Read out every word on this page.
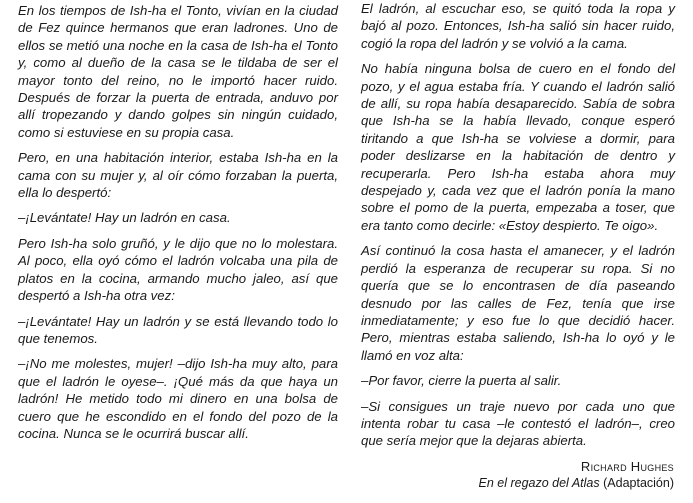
En los tiempos de Ish-ha el Tonto, vivían en la ciudad de Fez quince hermanos que eran ladrones. Uno de ellos se metió una noche en la casa de Ish-ha el Tonto y, como al dueño de la casa se le tildaba de ser el mayor tonto del reino, no le importó hacer ruido. Después de forzar la puerta de entrada, anduvo por allí tropezando y dando golpes sin ningún cuidado, como si estuviese en su propia casa.

Pero, en una habitación interior, estaba Ish-ha en la cama con su mujer y, al oír cómo forzaban la puerta, ella lo despertó:

–¡Levántate! Hay un ladrón en casa.

Pero Ish-ha solo gruñó, y le dijo que no lo molestara. Al poco, ella oyó cómo el ladrón volcaba una pila de platos en la cocina, armando mucho jaleo, así que despertó a Ish-ha otra vez:

–¡Levántate! Hay un ladrón y se está llevando todo lo que tenemos.

–¡No me molestes, mujer! –dijo Ish-ha muy alto, para que el ladrón le oyese–. ¡Qué más da que haya un ladrón! He metido todo mi dinero en una bolsa de cuero que he escondido en el fondo del pozo de la cocina. Nunca se le ocurrirá buscar allí.

El ladrón, al escuchar eso, se quitó toda la ropa y bajó al pozo. Entonces, Ish-ha salió sin hacer ruido, cogió la ropa del ladrón y se volvió a la cama.

No había ninguna bolsa de cuero en el fondo del pozo, y el agua estaba fría. Y cuando el ladrón salió de allí, su ropa había desaparecido. Sabía de sobra que Ish-ha se la había llevado, conque esperó tiritando a que Ish-ha se volviese a dormir, para poder deslizarse en la habitación de dentro y recuperarla. Pero Ish-ha estaba ahora muy despejado y, cada vez que el ladrón ponía la mano sobre el pomo de la puerta, empezaba a toser, que era tanto como decirle: «Estoy despierto. Te oigo».

Así continuó la cosa hasta el amanecer, y el ladrón perdió la esperanza de recuperar su ropa. Si no quería que se lo encontrasen de día paseando desnudo por las calles de Fez, tenía que irse inmediatamente; y eso fue lo que decidió hacer. Pero, mientras estaba saliendo, Ish-ha lo oyó y le llamó en voz alta:

–Por favor, cierre la puerta al salir.

–Si consigues un traje nuevo por cada uno que intenta robar tu casa –le contestó el ladrón–, creo que sería mejor que la dejaras abierta.

Richard Hughes
En el regazo del Atlas (Adaptación)
